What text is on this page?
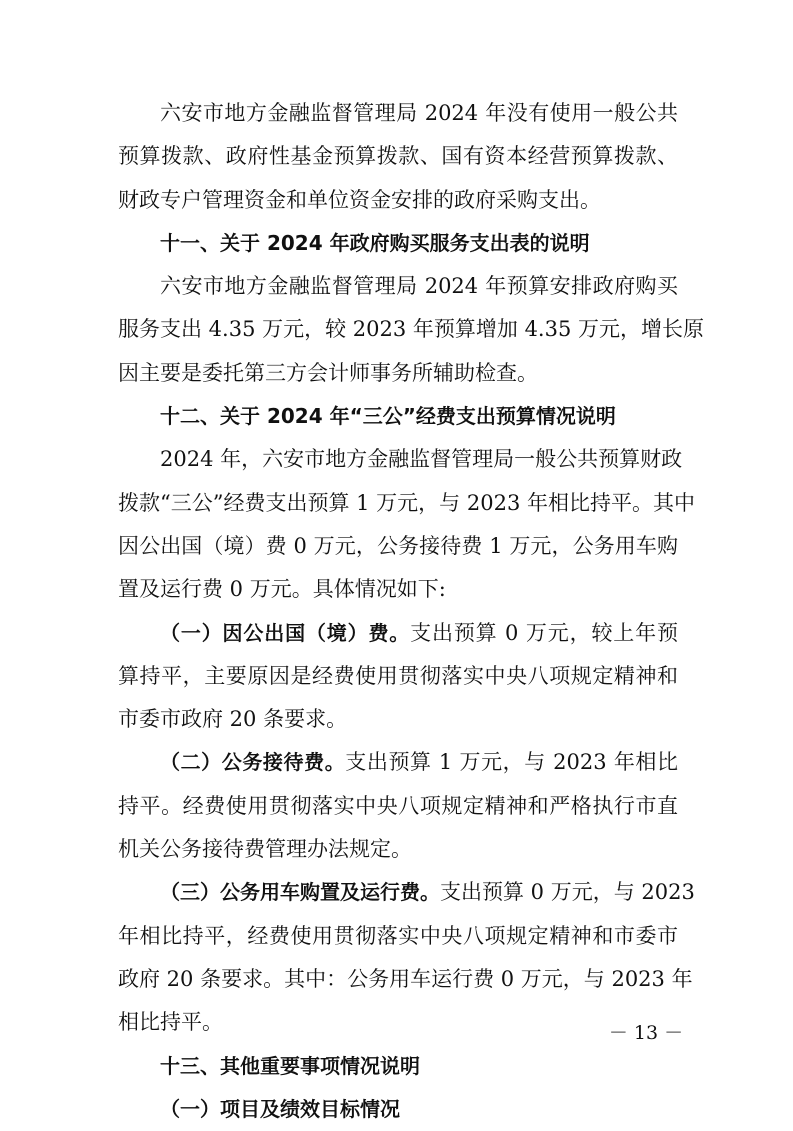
六安市地方金融监督管理局 2024 年没有使用一般公共
预算拨款、政府性基金预算拨款、国有资本经营预算拨款、
财政专户管理资金和单位资金安排的政府采购支出。
十一、关于 2024 年政府购买服务支出表的说明
六安市地方金融监督管理局 2024 年预算安排政府购买
服务支出 4.35 万元，较 2023 年预算增加 4.35 万元，增长原
因主要是委托第三方会计师事务所辅助检查。
十二、关于 2024 年“三公”经费支出预算情况说明
2024 年，六安市地方金融监督管理局一般公共预算财政
拨款“三公”经费支出预算 1 万元，与 2023 年相比持平。其中
因公出国（境）费 0 万元，公务接待费 1 万元，公务用车购
置及运行费 0 万元。具体情况如下:
（一）因公出国（境）费。支出预算 0 万元，较上年预
算持平，主要原因是经费使用贯彻落实中央八项规定精神和
市委市政府 20 条要求。
（二）公务接待费。支出预算 1 万元，与 2023 年相比
持平。经费使用贯彻落实中央八项规定精神和严格执行市直
机关公务接待费管理办法规定。
（三）公务用车购置及运行费。支出预算 0 万元，与 2023
年相比持平，经费使用贯彻落实中央八项规定精神和市委市
政府 20 条要求。其中：公务用车运行费 0 万元，与 2023 年
相比持平。
十三、其他重要事项情况说明
（一）项目及绩效目标情况
－ 13 －
